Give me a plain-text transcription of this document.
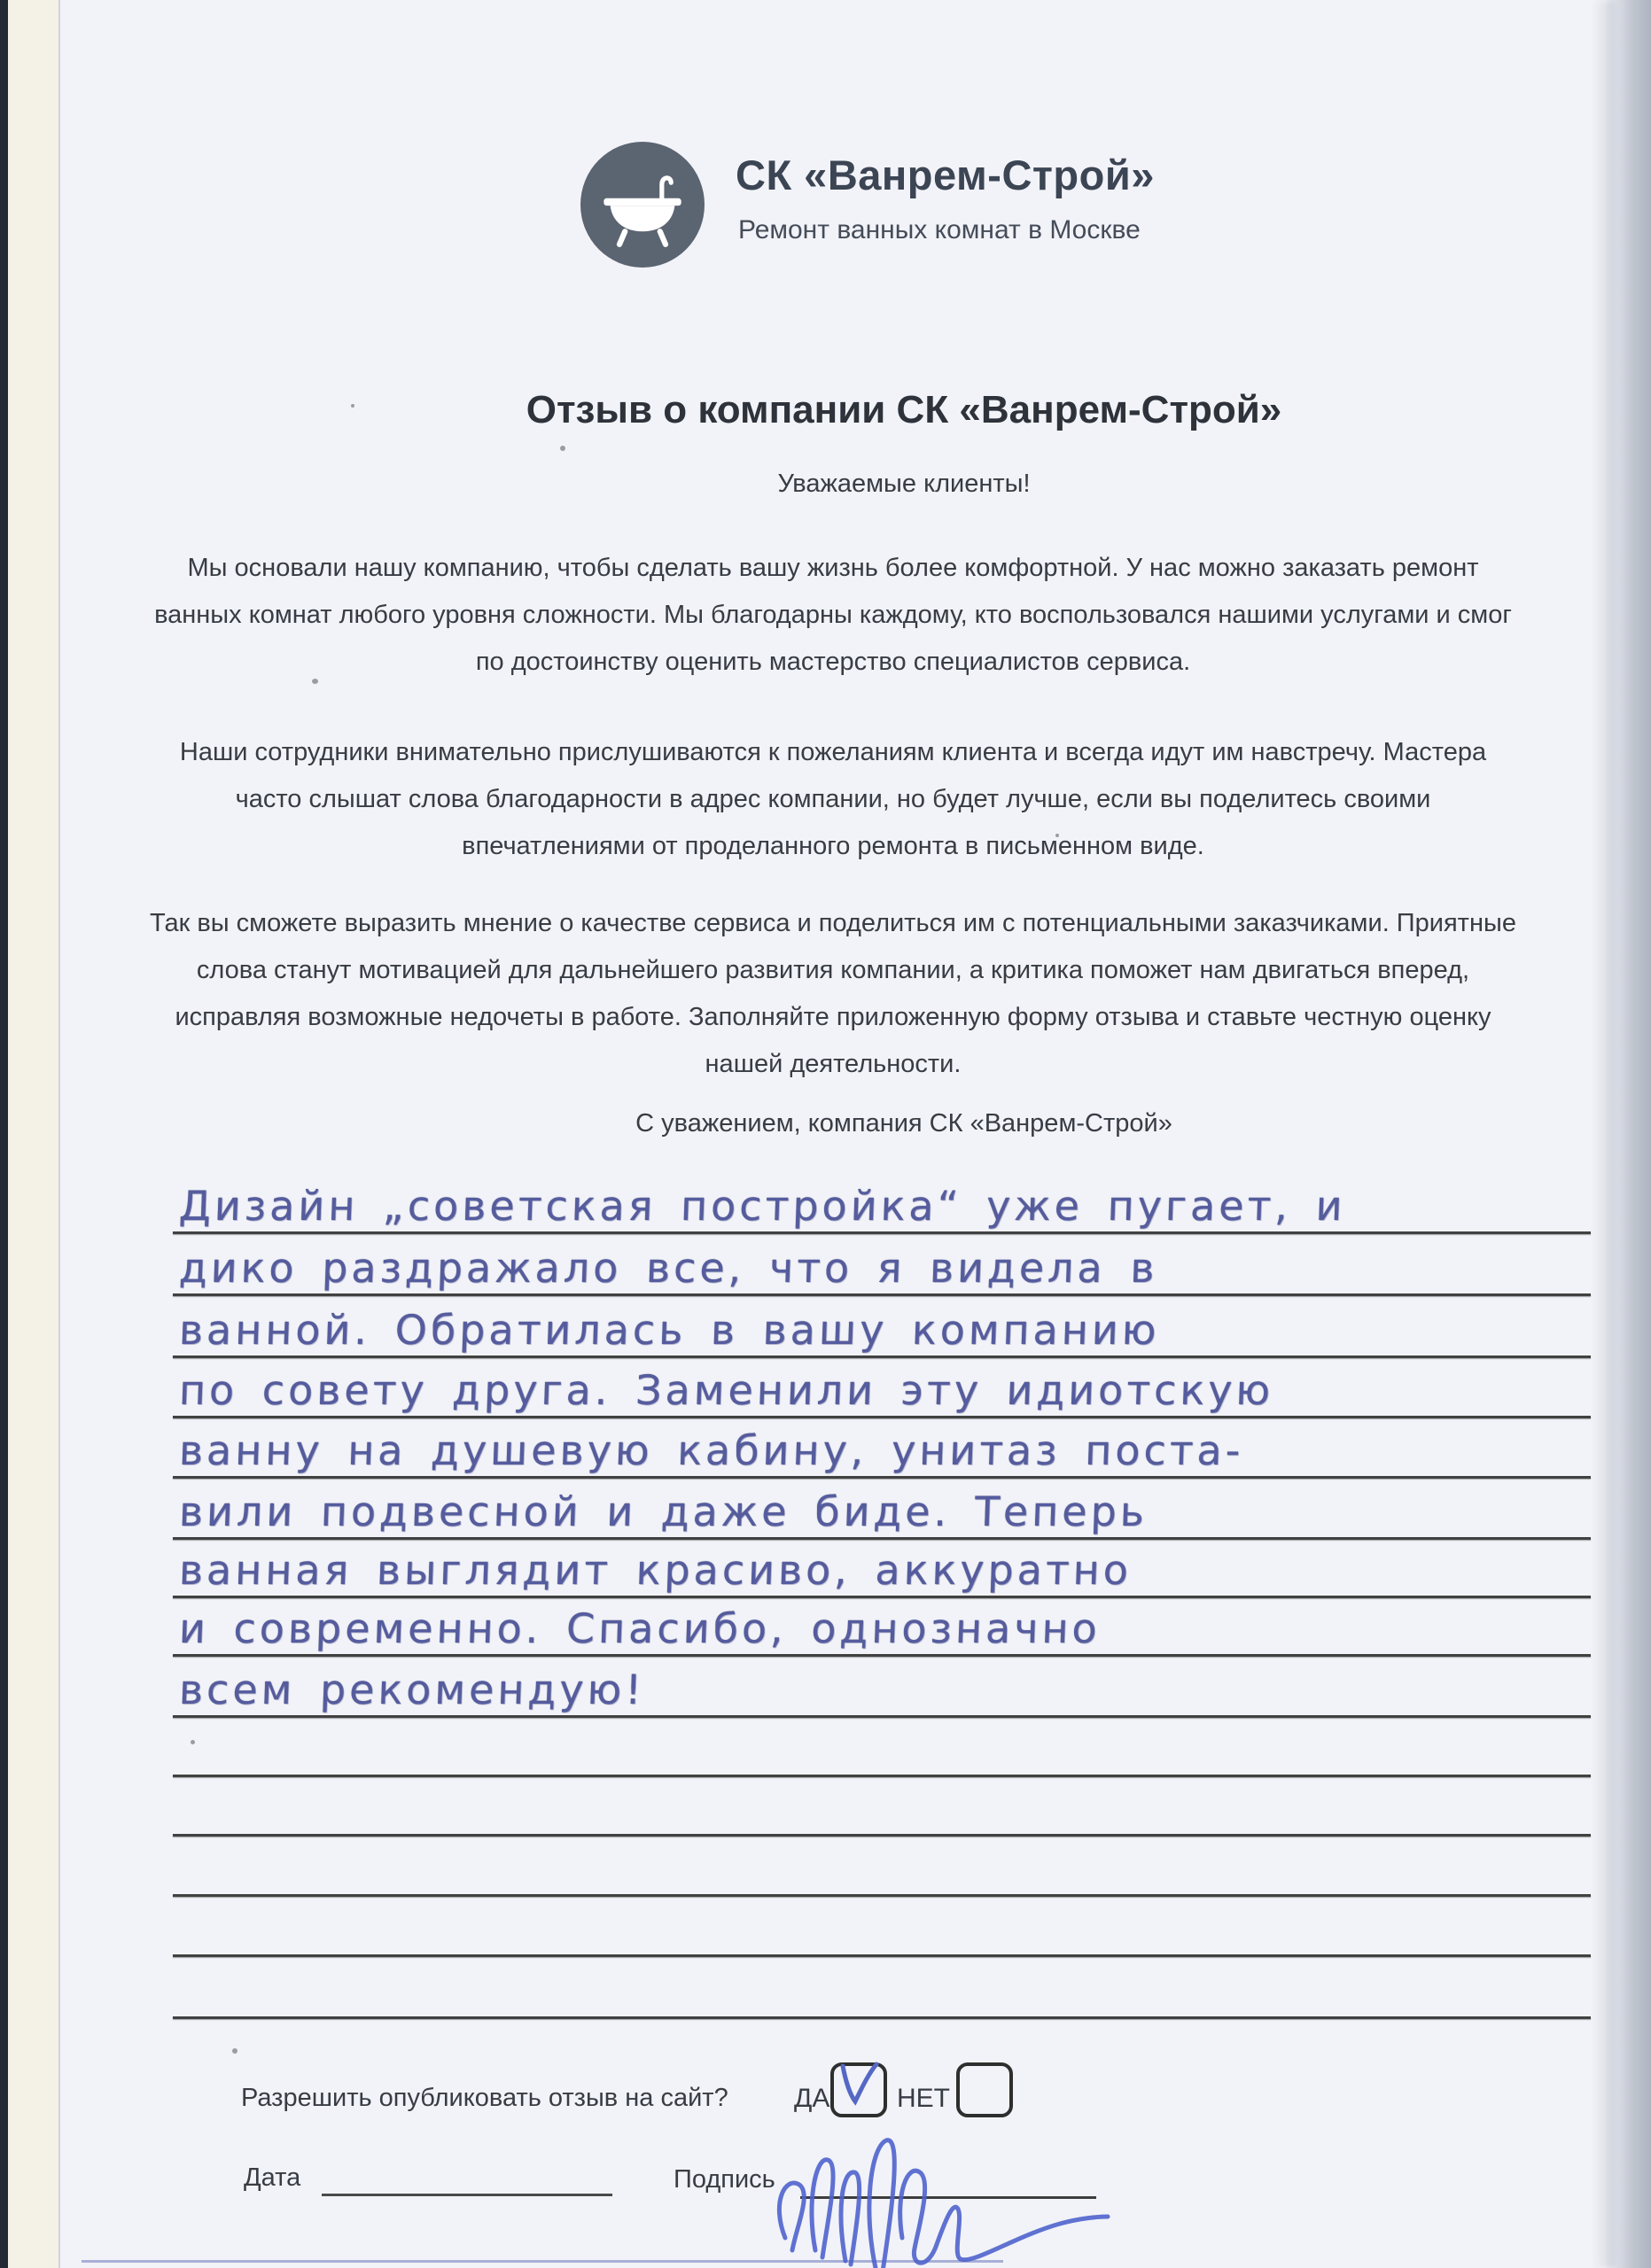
СК «Ванрем-Строй»
Ремонт ванных комнат в Москве
Отзыв о компании СК «Ванрем-Строй»
Уважаемые клиенты!
Мы основали нашу компанию, чтобы сделать вашу жизнь более комфортной. У нас можно заказать ремонт
ванных комнат любого уровня сложности. Мы благодарны каждому, кто воспользовался нашими услугами и смог
по достоинству оценить мастерство специалистов сервиса.
Наши сотрудники внимательно прислушиваются к пожеланиям клиента и всегда идут им навстречу. Мастера
часто слышат слова благодарности в адрес компании, но будет лучше, если вы поделитесь своими
впечатлениями от проделанного ремонта в письменном виде.
Так вы сможете выразить мнение о качестве сервиса и поделиться им с потенциальными заказчиками. Приятные
слова станут мотивацией для дальнейшего развития компании, а критика поможет нам двигаться вперед,
исправляя возможные недочеты в работе. Заполняйте приложенную форму отзыва и ставьте честную оценку
нашей деятельности.
С уважением, компания СК «Ванрем-Строй»
Дизайн „советская постройка“ уже пугает, и
дико раздражало все, что я видела в
ванной. Обратилась в вашу компанию
по совету друга. Заменили эту идиотскую
ванну на душевую кабину, унитаз поста-
вили подвесной и даже биде. Теперь
ванная выглядит красиво, аккуратно
и современно. Спасибо, однозначно
всем рекомендую!
Разрешить опубликовать отзыв на сайт? ДА	НЕТ
Дата	Подпись
